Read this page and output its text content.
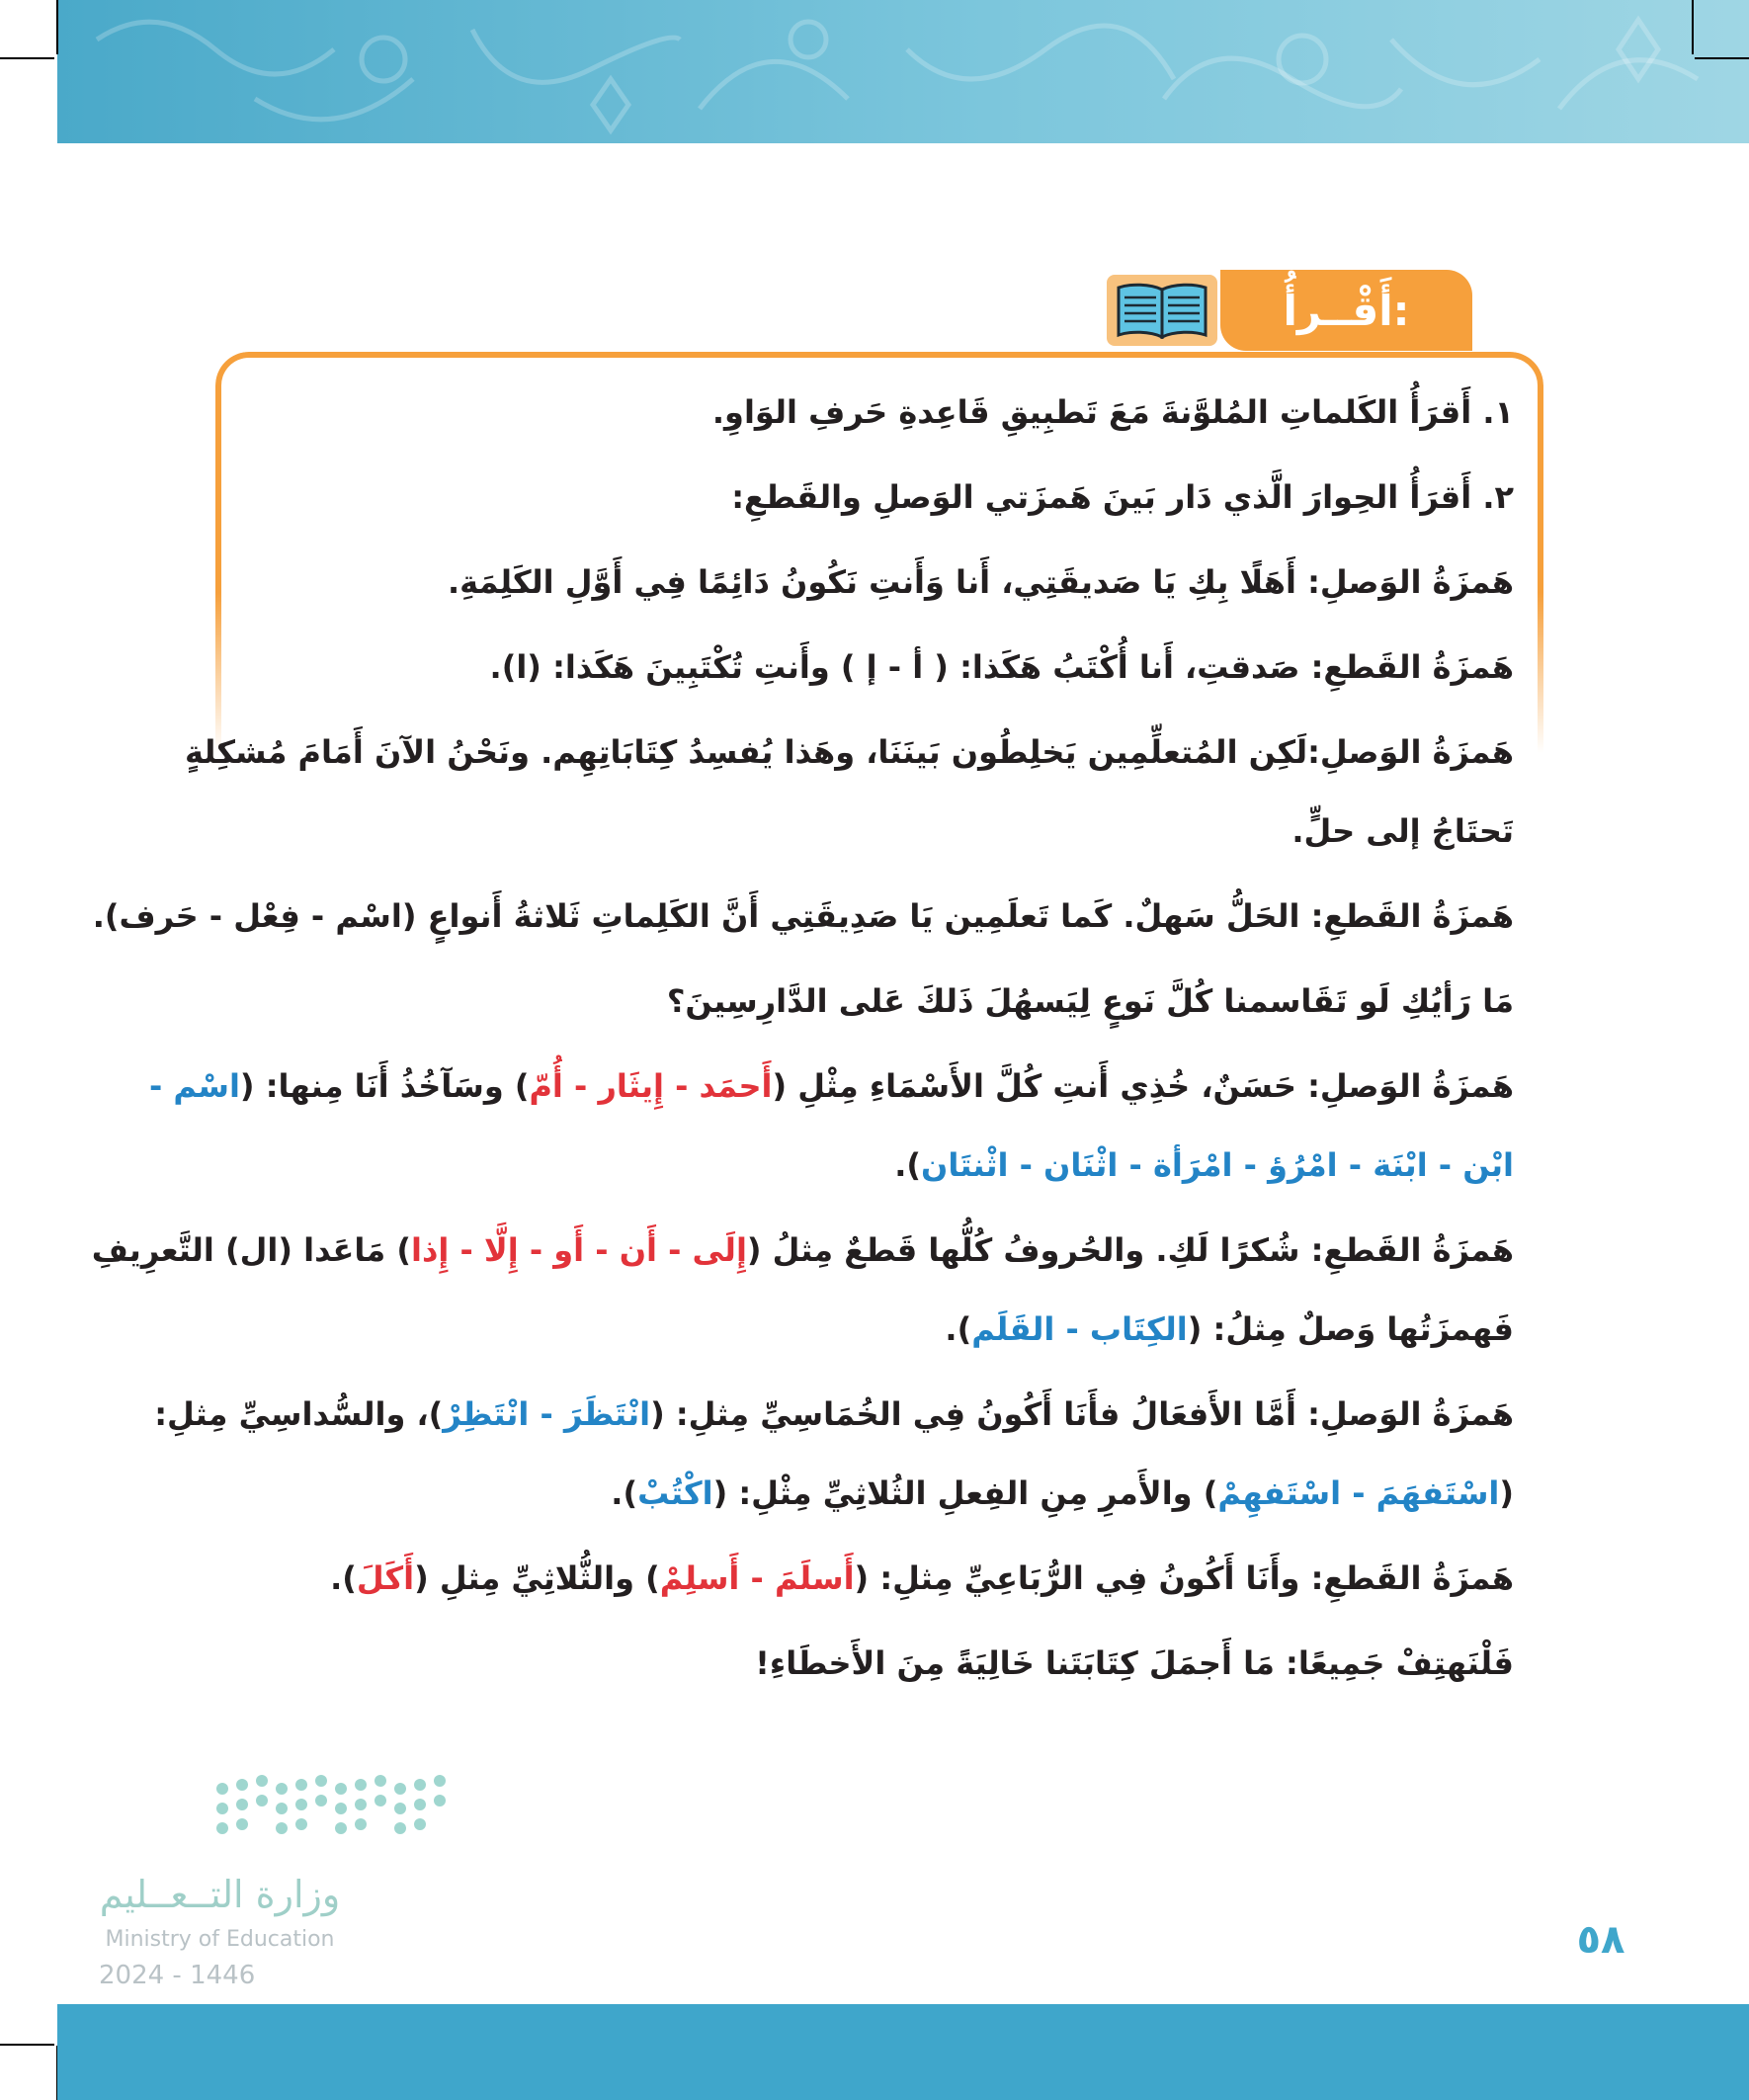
أَقْــرأُ:
١. أَقرَأُ الكَلماتِ المُلوَّنةَ مَعَ تَطبِيقِ قَاعِدةِ حَرفِ الوَاوِ.
٢. أَقرَأُ الحِوارَ الَّذي دَار بَينَ هَمزَتي الوَصلِ والقَطعِ:
هَمزَةُ الوَصلِ: أَهَلًا بِكِ يَا صَديقَتِي، أَنا وَأَنتِ نَكُونُ دَائِمًا فِي أَوَّلِ الكَلِمَةِ.
هَمزَةُ القَطعِ: صَدقتِ، أَنا أُكْتَبُ هَكَذا: ( أ - إ ) وأَنتِ تُكْتَبِينَ هَكَذا: (ا).
هَمزَةُ الوَصلِ:لَكِن المُتعلِّمِين يَخلِطُون بَينَنَا، وهَذا يُفسِدُ كِتَابَاتِهِم. ونَحْنُ الآنَ أَمَامَ مُشكِلةٍ
تَحتَاجُ إلى حلٍّ.
هَمزَةُ القَطعِ: الحَلُّ سَهلٌ. كَما تَعلَمِين يَا صَدِيقَتِي أَنَّ الكَلِماتِ ثَلاثةُ أَنواعٍ (اسْم - فِعْل - حَرف).
مَا رَأيُكِ لَو تَقَاسمنا كُلَّ نَوعٍ لِيَسهُلَ ذَلكَ عَلى الدَّارِسِينَ؟
هَمزَةُ الوَصلِ: حَسَنٌ، خُذِي أَنتِ كُلَّ الأَسْمَاءِ مِثْلِ (أَحمَد - إِيثَار - أُمّ) وسَآخُذُ أَنَا مِنها: (اسْم -
ابْن - ابْنَة - امْرُؤ - امْرَأة - اثْنَان - اثْنتَان).
هَمزَةُ القَطعِ: شُكرًا لَكِ. والحُروفُ كُلُّها قَطعٌ مِثلُ (إِلَى - أَن - أَو - إِلَّا - إِذا) مَاعَدا (ال) التَّعرِيفِ
فَهمزَتُها وَصلٌ مِثلُ: (الكِتَاب - القَلَم).
هَمزَةُ الوَصلِ: أَمَّا الأَفعَالُ فأَنَا أَكُونُ فِي الخُمَاسِيِّ مِثلِ: (انْتَظَرَ - انْتَظِرْ)، والسُّداسِيِّ مِثلِ:
(اسْتَفهَمَ - اسْتَفهِمْ) والأَمرِ مِنِ الفِعلِ الثُلاثِيِّ مِثْلِ: (اكْتُبْ).
هَمزَةُ القَطعِ: وأَنَا أَكُونُ فِي الرُّبَاعِيِّ مِثلِ: (أَسلَمَ - أَسلِمْ) والثُّلاثِيِّ مِثلِ (أَكَلَ).
فَلْنَهتِفْ جَمِيعًا: مَا أَجمَلَ كِتَابَتَنا خَالِيَةً مِنَ الأَخطَاءِ!
وزارة التــعــليم
Ministry of Education
2024 - 1446
٥٨
